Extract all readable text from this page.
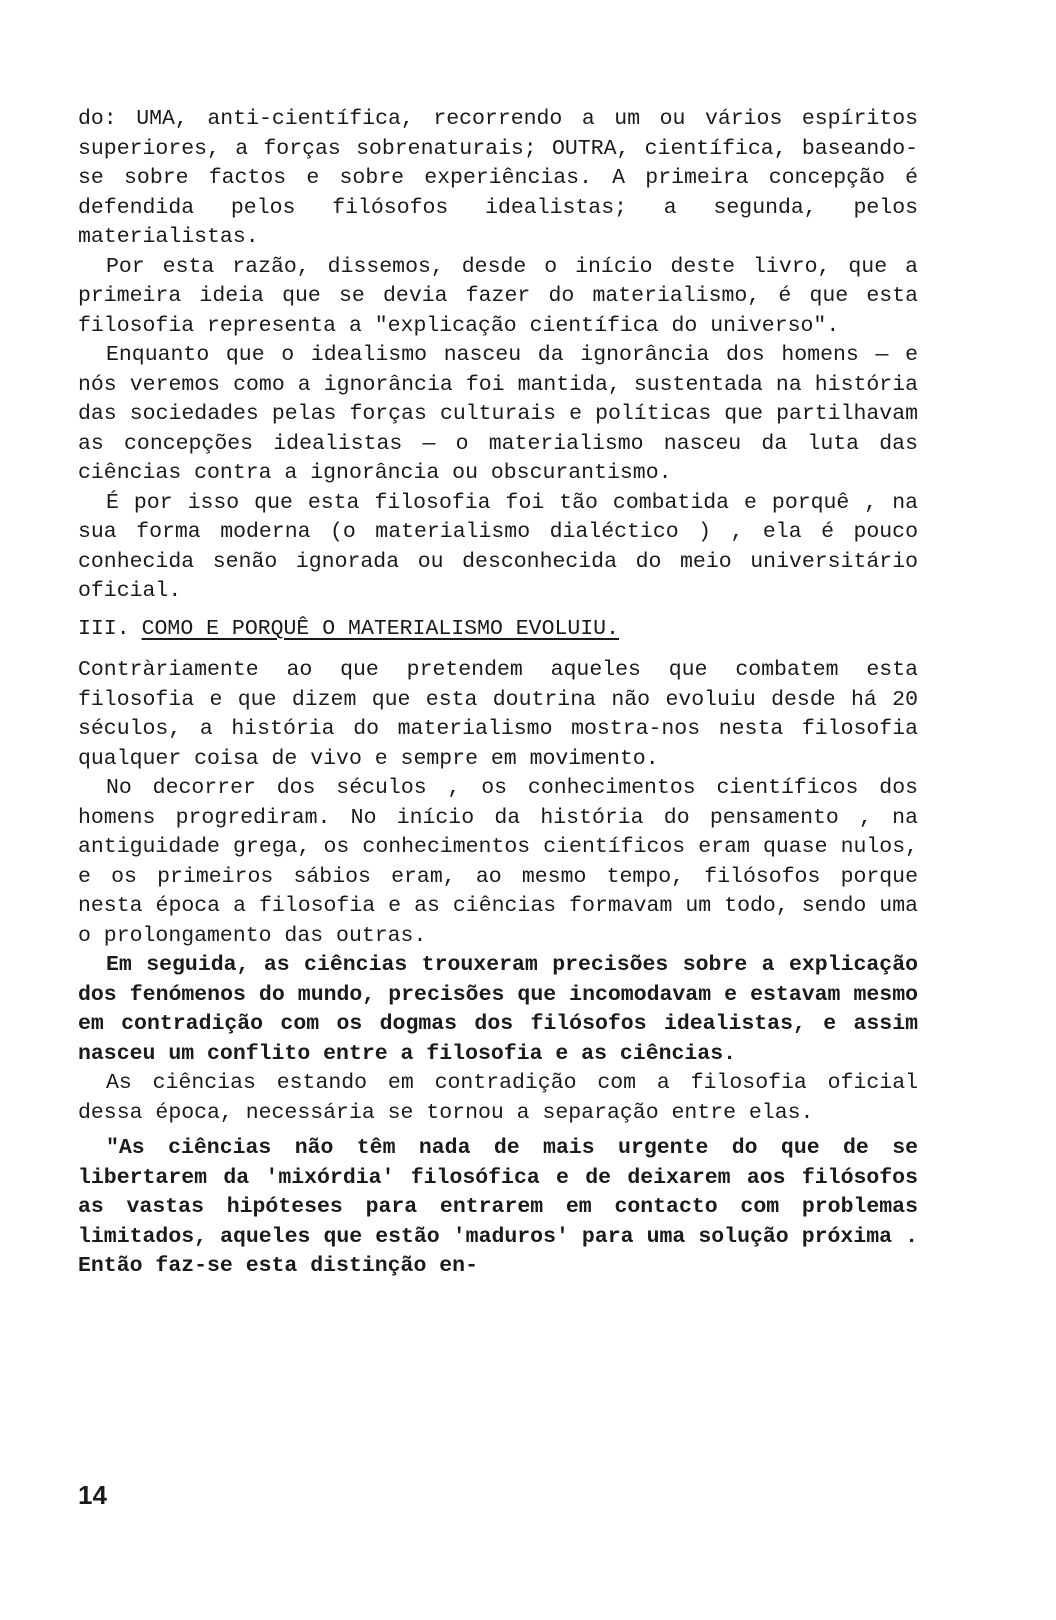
do: UMA, anti-científica, recorrendo a um ou vários espíritos superiores, a forças sobrenaturais; OUTRA, científica, baseando-se sobre factos e sobre experiências. A primeira concepção é defendida pelos filósofos idealistas; a segunda, pelos materialistas.

Por esta razão, dissemos, desde o início deste livro, que a primeira ideia que se devia fazer do materialismo, é que esta filosofia representa a "explicação científica do universo".

Enquanto que o idealismo nasceu da ignorância dos homens — e nós veremos como a ignorância foi mantida, sustentada na história das sociedades pelas forças culturais e políticas que partilhavam as concepções idealistas — o materialismo nasceu da luta das ciências contra a ignorância ou obscurantismo.

É por isso que esta filosofia foi tão combatida e porquê , na sua forma moderna (o materialismo dialéctico ) , ela é pouco conhecida senão ignorada ou desconhecida do meio universitário oficial.

III. COMO E PORQUÊ O MATERIALISMO EVOLUIU.

Contràriamente ao que pretendem aqueles que combatem esta filosofia e que dizem que esta doutrina não evoluiu desde há 20 séculos, a história do materialismo mostra-nos nesta filosofia qualquer coisa de vivo e sempre em movimento.

No decorrer dos séculos , os conhecimentos científicos dos homens progrediram. No início da história do pensamento , na antiguidade grega, os conhecimentos científicos eram quase nulos, e os primeiros sábios eram, ao mesmo tempo, filósofos porque nesta época a filosofia e as ciências formavam um todo, sendo uma o prolongamento das outras.

Em seguida, as ciências trouxeram precisões sobre a explicação dos fenómenos do mundo, precisões que incomodavam e estavam mesmo em contradição com os dogmas dos filósofos idealistas, e assim nasceu um conflito entre a filosofia e as ciências.

As ciências estando em contradição com a filosofia oficial dessa época, necessária se tornou a separação entre elas.

"As ciências não têm nada de mais urgente do que de se libertarem da 'mixórdia' filosófica e de deixarem aos filósofos as vastas hipóteses para entrarem em contacto com problemas limitados, aqueles que estão 'maduros' para uma solução próxima . Então faz-se esta distinção en-

14
